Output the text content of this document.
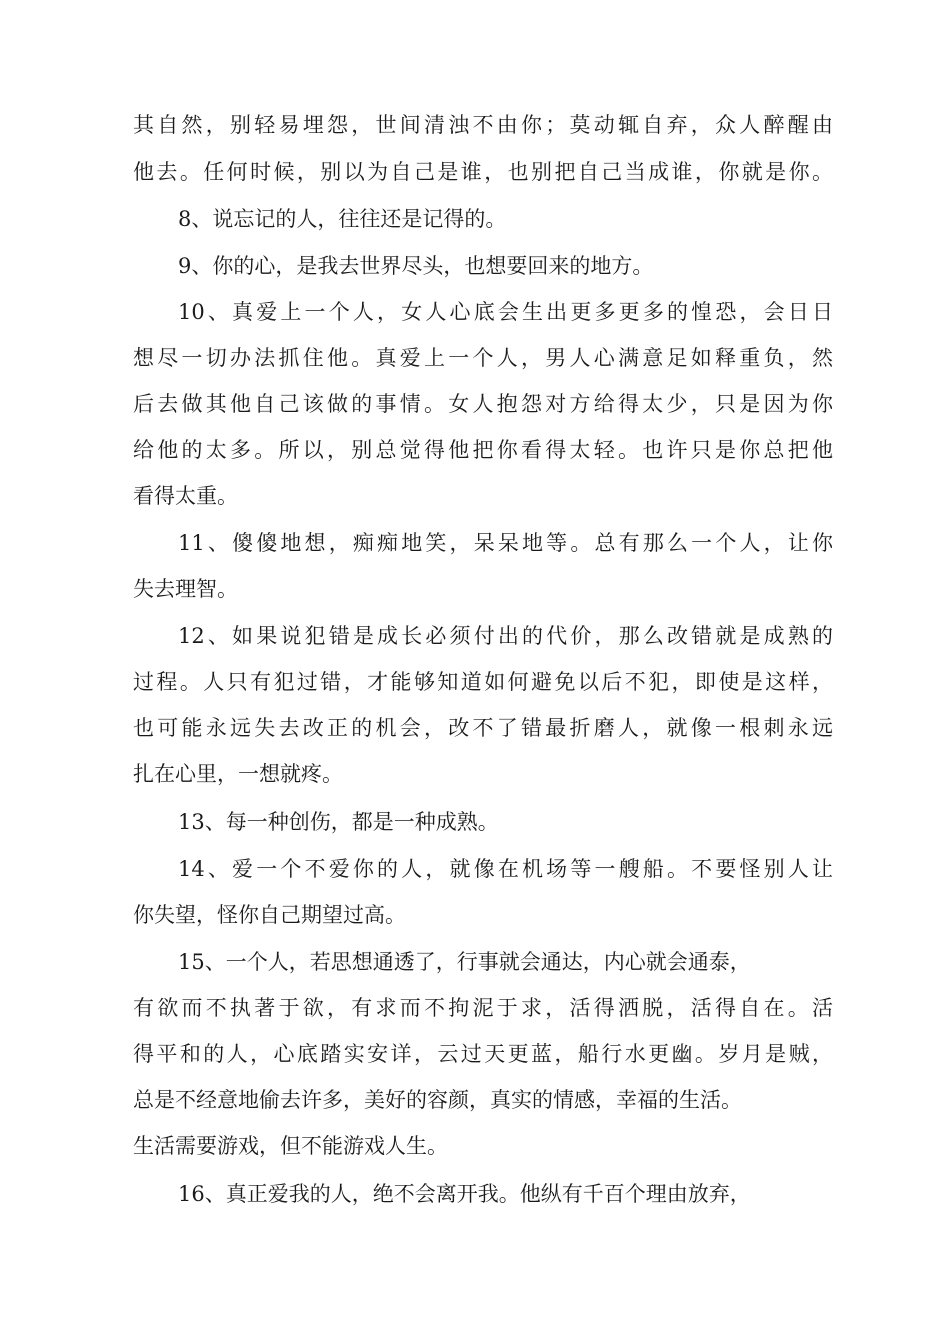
其自然，别轻易埋怨，世间清浊不由你；莫动辄自弃，众人醉醒由
他去。任何时候，别以为自己是谁，也别把自己当成谁，你就是你。
8、说忘记的人，往往还是记得的。
9、你的心，是我去世界尽头，也想要回来的地方。
10、真爱上一个人，女人心底会生出更多更多的惶恐，会日日
想尽一切办法抓住他。真爱上一个人，男人心满意足如释重负，然
后去做其他自己该做的事情。女人抱怨对方给得太少，只是因为你
给他的太多。所以，别总觉得他把你看得太轻。也许只是你总把他
看得太重。
11、傻傻地想，痴痴地笑，呆呆地等。总有那么一个人，让你
失去理智。
12、如果说犯错是成长必须付出的代价，那么改错就是成熟的
过程。人只有犯过错，才能够知道如何避免以后不犯，即使是这样，
也可能永远失去改正的机会，改不了错最折磨人，就像一根刺永远
扎在心里，一想就疼。
13、每一种创伤，都是一种成熟。
14、爱一个不爱你的人，就像在机场等一艘船。不要怪别人让
你失望，怪你自己期望过高。
15、一个人，若思想通透了，行事就会通达，内心就会通泰，
有欲而不执著于欲，有求而不拘泥于求，活得洒脱，活得自在。活
得平和的人，心底踏实安详，云过天更蓝，船行水更幽。岁月是贼，
总是不经意地偷去许多，美好的容颜，真实的情感，幸福的生活。
生活需要游戏，但不能游戏人生。
16、真正爱我的人，绝不会离开我。他纵有千百个理由放弃，
